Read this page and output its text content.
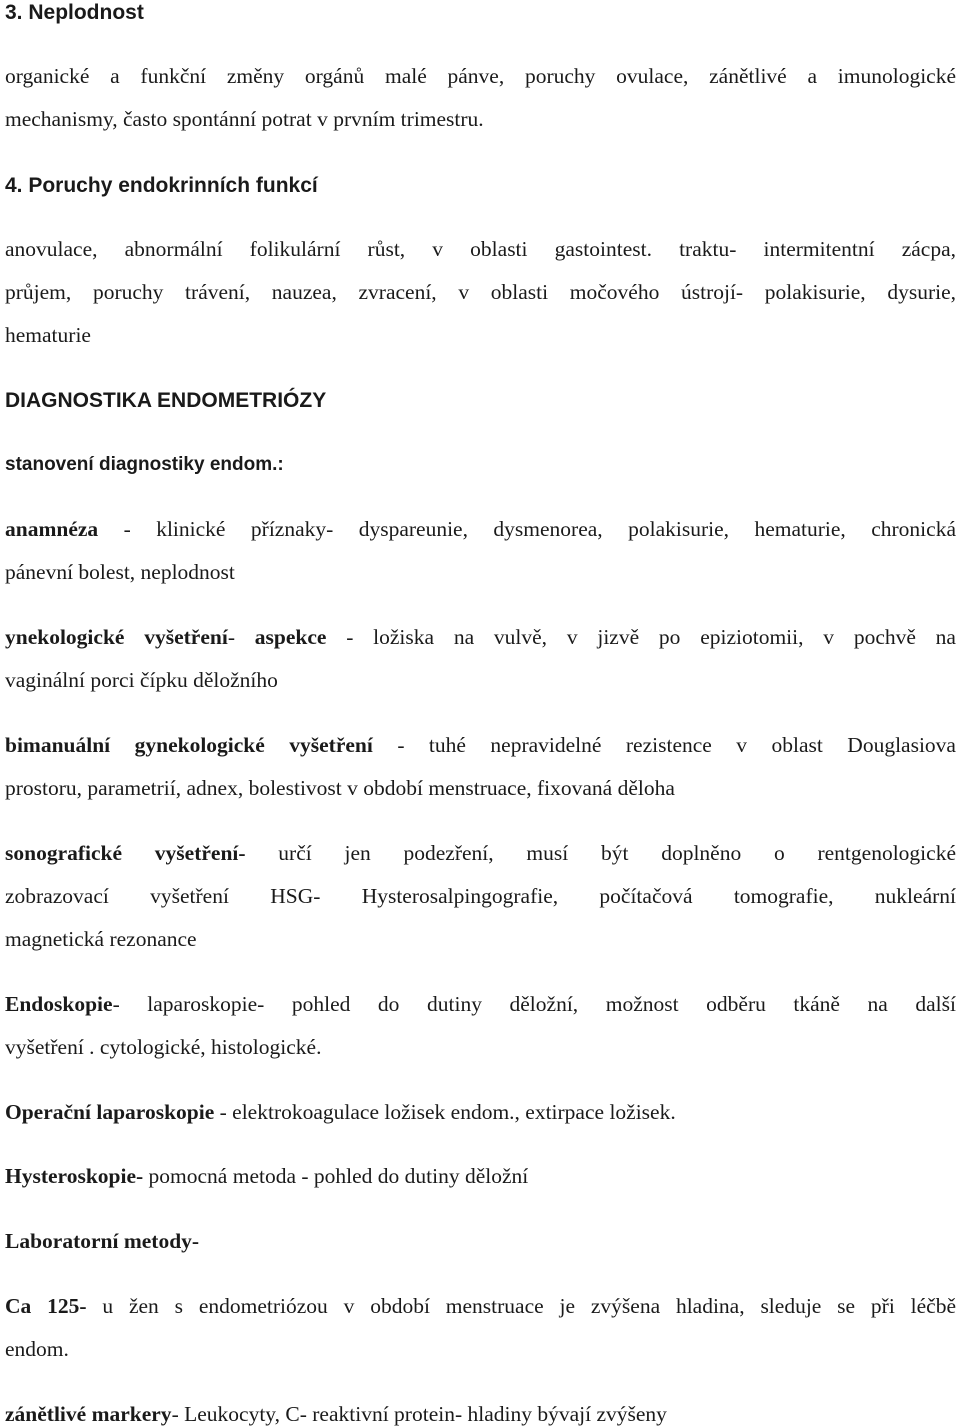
3. Neplodnost
organické a funkční změny orgánů malé pánve, poruchy ovulace, zánětlivé a imunologické
mechanismy, často spontánní potrat v prvním trimestru.
4. Poruchy endokrinních funkcí
anovulace, abnormální folikulární růst, v oblasti gastointest. traktu- intermitentní zácpa,
průjem, poruchy trávení, nauzea, zvracení, v oblasti močového ústrojí- polakisurie, dysurie,
hematurie
DIAGNOSTIKA ENDOMETRIÓZY
stanovení diagnostiky endom.:
anamnéza - klinické příznaky- dyspareunie, dysmenorea, polakisurie, hematurie, chronická
pánevní bolest, neplodnost
ynekologické vyšetření- aspekce - ložiska na vulvě, v jizvě po epiziotomii, v pochvě na
vaginální porci čípku děložního
bimanuální gynekologické vyšetření - tuhé nepravidelné rezistence v oblast Douglasiova
prostoru, parametrií, adnex, bolestivost v období menstruace, fixovaná děloha
sonografické vyšetření- určí jen podezření, musí být doplněno o rentgenologické
zobrazovací vyšetření HSG- Hysterosalpingografie, počítačová tomografie, nukleární
magnetická rezonance
Endoskopie- laparoskopie- pohled do dutiny děložní, možnost odběru tkáně na další
vyšetření . cytologické, histologické.
Operační laparoskopie - elektrokoagulace ložisek endom., extirpace ložisek.
Hysteroskopie- pomocná metoda - pohled do dutiny děložní
Laboratorní metody-
Ca 125- u žen s endometriózou v období menstruace je zvýšena hladina, sleduje se při léčbě
endom.
zánětlivé markery- Leukocyty, C- reaktivní protein- hladiny bývají zvýšeny
